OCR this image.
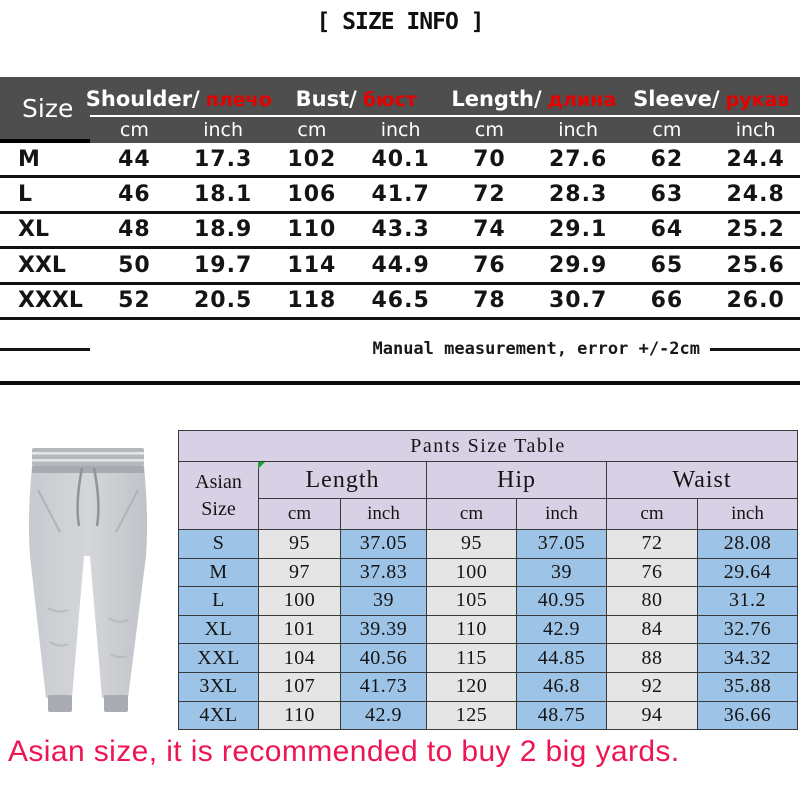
[ SIZE INFO ]
Size Shoulder/ плечо Bust/ бюст Length/ длина Sleeve/ рукав
cm	inch	cm	inch	cm	inch	cm	inch
M	44	17.3	102	40.1	70	27.6	62	24.4
L	46	18.1	106	41.7	72	28.3	63	24.8
XL	48	18.9	110	43.3	74	29.1	64	25.2
XXL	50	19.7	114	44.9	76	29.9	65	25.6
XXXL	52	20.5	118	46.5	78	30.7	66	26.0
Manual measurement, error +/-2cm
Pants Size Table						
Asian
Size	Length		Hip		Waist	
	cm	inch	cm	inch	cm	inch
S	95	37.05	95	37.05	72	28.08
M	97	37.83	100	39	76	29.64
L	100	39	105	40.95	80	31.2
XL	101	39.39	110	42.9	84	32.76
XXL	104	40.56	115	44.85	88	34.32
3XL	107	41.73	120	46.8	92	35.88
4XL	110	42.9	125	48.75	94	36.66
Asian size, it is recommended to buy 2 big yards.
